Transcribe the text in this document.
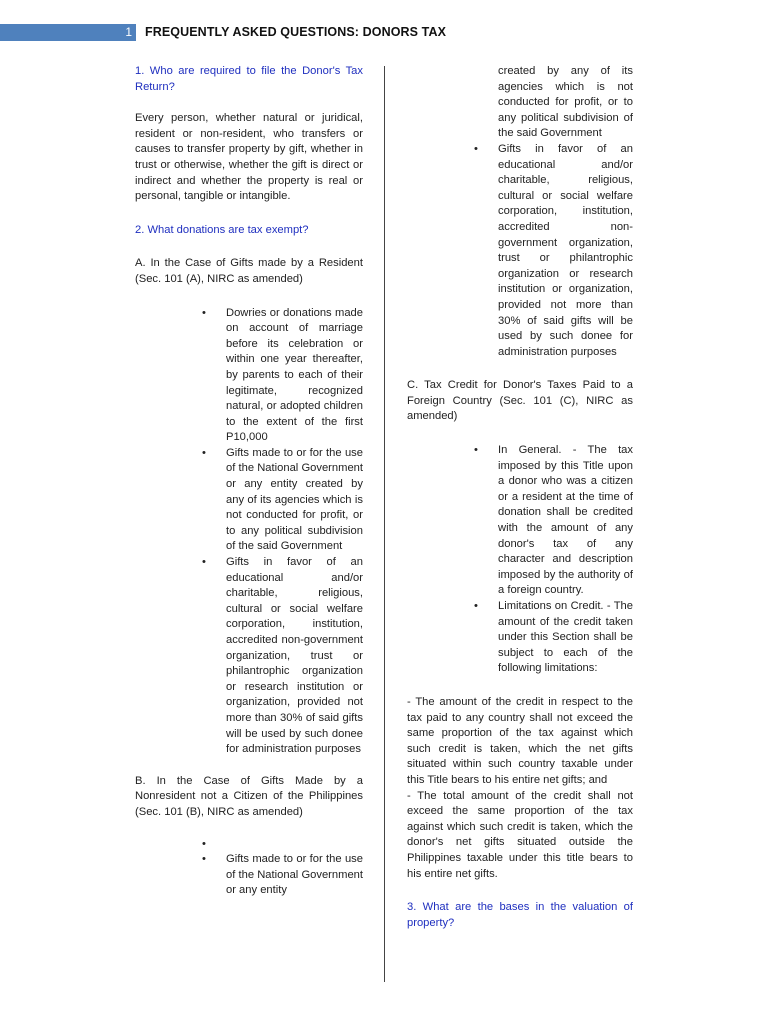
1 FREQUENTLY ASKED QUESTIONS: DONORS TAX

1. Who are required to file the Donor's Tax Return?

Every person, whether natural or juridical, resident or non-resident, who transfers or causes to transfer property by gift, whether in trust or otherwise, whether the gift is direct or indirect and whether the property is real or personal, tangible or intangible.

2. What donations are tax exempt?

A. In the Case of Gifts made by a Resident (Sec. 101 (A), NIRC as amended)

• Dowries or donations made on account of marriage before its celebration or within one year thereafter, by parents to each of their legitimate, recognized natural, or adopted children to the extent of the first P10,000
• Gifts made to or for the use of the National Government or any entity created by any of its agencies which is not conducted for profit, or to any political subdivision of the said Government
• Gifts in favor of an educational and/or charitable, religious, cultural or social welfare corporation, institution, accredited non-government organization, trust or philantrophic organization or research institution or organization, provided not more than 30% of said gifts will be used by such donee for administration purposes

B. In the Case of Gifts Made by a Nonresident not a Citizen of the Philippines (Sec. 101 (B), NIRC as amended)

•

• Gifts made to or for the use of the National Government or any entity

created by any of its agencies which is not conducted for profit, or to any political subdivision of the said Government

• Gifts in favor of an educational and/or charitable, religious, cultural or social welfare corporation, institution, accredited non-government organization, trust or philantrophic organization or research institution or organization, provided not more than 30% of said gifts will be used by such donee for administration purposes

C. Tax Credit for Donor's Taxes Paid to a Foreign Country (Sec. 101 (C), NIRC as amended)

• In General. - The tax imposed by this Title upon a donor who was a citizen or a resident at the time of donation shall be credited with the amount of any donor's tax of any character and description imposed by the authority of a foreign country.
• Limitations on Credit. - The amount of the credit taken under this Section shall be subject to each of the following limitations:

- The amount of the credit in respect to the tax paid to any country shall not exceed the same proportion of the tax against which such credit is taken, which the net gifts situated within such country taxable under this Title bears to his entire net gifts; and

- The total amount of the credit shall not exceed the same proportion of the tax against which such credit is taken, which the donor's net gifts situated outside the Philippines taxable under this title bears to his entire net gifts.

3. What are the bases in the valuation of property?
